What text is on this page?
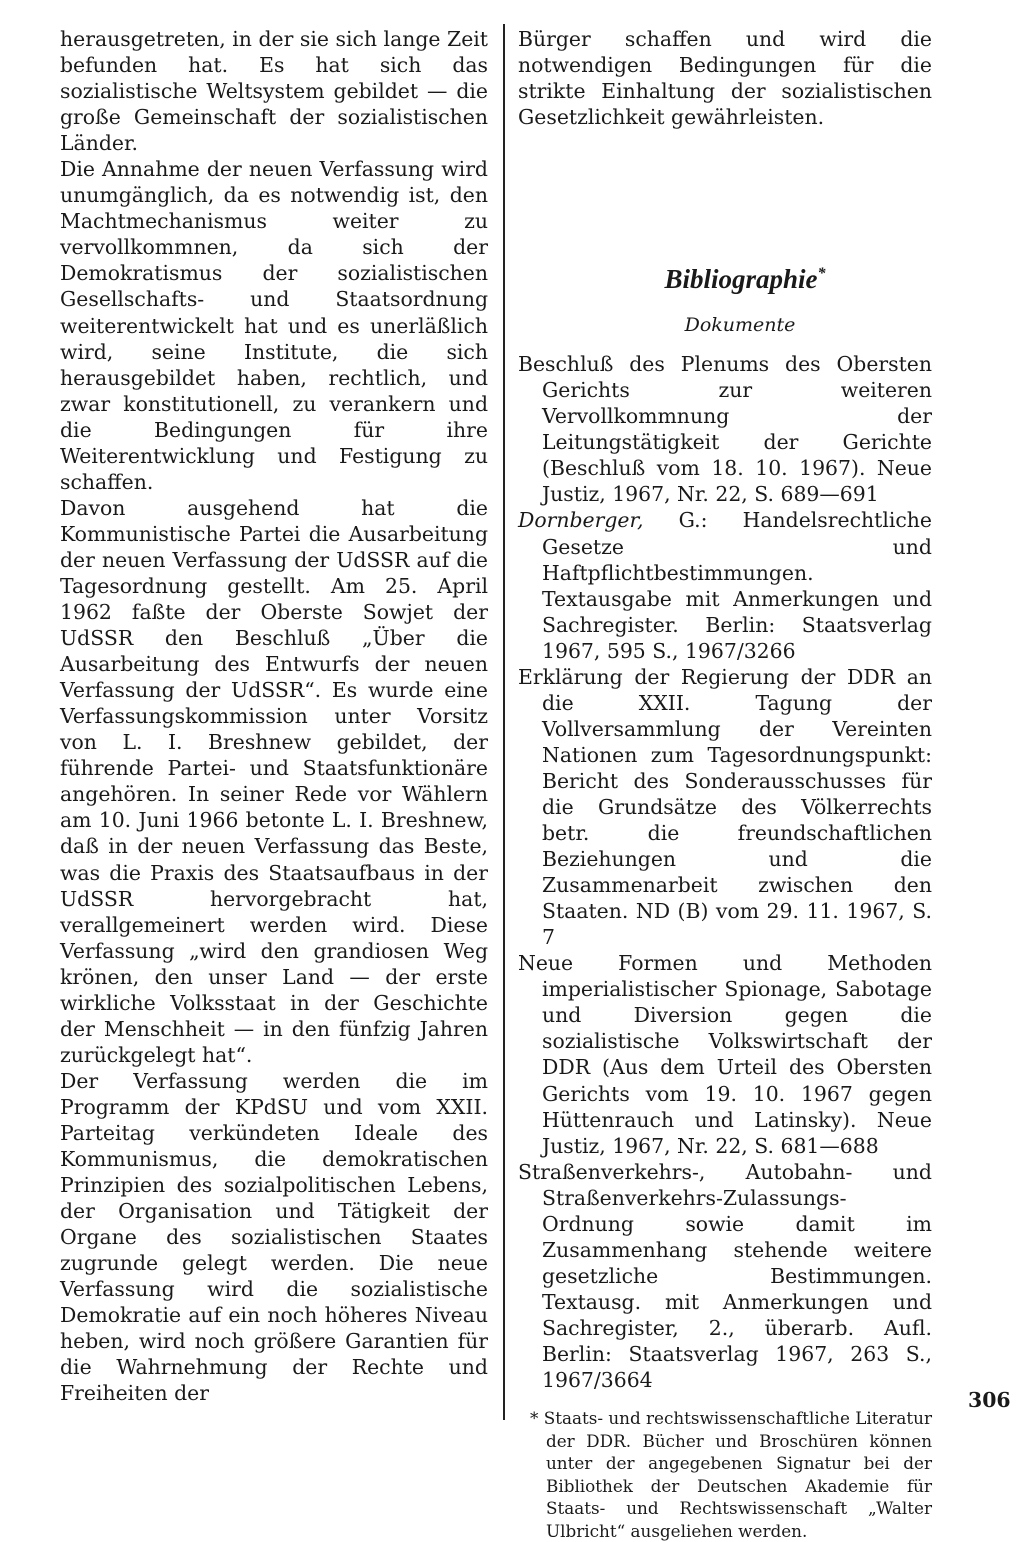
herausgetreten, in der sie sich lange Zeit befunden hat. Es hat sich das sozialistische Weltsystem gebildet — die große Gemeinschaft der sozialistischen Länder.

Die Annahme der neuen Verfassung wird unumgänglich, da es notwendig ist, den Machtmechanismus weiter zu vervollkommnen, da sich der Demokratismus der sozialistischen Gesellschafts- und Staatsordnung weiterentwickelt hat und es unerläßlich wird, seine Institute, die sich herausgebildet haben, rechtlich, und zwar konstitutionell, zu verankern und die Bedingungen für ihre Weiterentwicklung und Festigung zu schaffen.

Davon ausgehend hat die Kommunistische Partei die Ausarbeitung der neuen Verfassung der UdSSR auf die Tagesordnung gestellt. Am 25. April 1962 faßte der Oberste Sowjet der UdSSR den Beschluß „Über die Ausarbeitung des Entwurfs der neuen Verfassung der UdSSR“. Es wurde eine Verfassungskommission unter Vorsitz von L. I. Breshnew gebildet, der führende Partei- und Staatsfunktionäre angehören. In seiner Rede vor Wählern am 10. Juni 1966 betonte L. I. Breshnew, daß in der neuen Verfassung das Beste, was die Praxis des Staatsaufbaus in der UdSSR hervorgebracht hat, verallgemeinert werden wird. Diese Verfassung „wird den grandiosen Weg krönen, den unser Land — der erste wirkliche Volksstaat in der Geschichte der Menschheit — in den fünfzig Jahren zurückgelegt hat“.

Der Verfassung werden die im Programm der KPdSU und vom XXII. Parteitag verkündeten Ideale des Kommunismus, die demokratischen Prinzipien des sozialpolitischen Lebens, der Organisation und Tätigkeit der Organe des sozialistischen Staates zugrunde gelegt werden. Die neue Verfassung wird die sozialistische Demokratie auf ein noch höheres Niveau heben, wird noch größere Garantien für die Wahrnehmung der Rechte und Freiheiten der

Bürger schaffen und wird die notwendigen Bedingungen für die strikte Einhaltung der sozialistischen Gesetzlichkeit gewährleisten.

Bibliographie*
Dokumente

Beschluß des Plenums des Obersten Gerichts zur weiteren Vervollkommnung der Leitungstätigkeit der Gerichte (Beschluß vom 18. 10. 1967). Neue Justiz, 1967, Nr. 22, S. 689—691

Dornberger, G.: Handelsrechtliche Gesetze und Haftpflichtbestimmungen. Textausgabe mit Anmerkungen und Sachregister. Berlin: Staatsverlag 1967, 595 S., 1967/3266

Erklärung der Regierung der DDR an die XXII. Tagung der Vollversammlung der Vereinten Nationen zum Tagesordnungspunkt: Bericht des Sonderausschusses für die Grundsätze des Völkerrechts betr. die freundschaftlichen Beziehungen und die Zusammenarbeit zwischen den Staaten. ND (B) vom 29. 11. 1967, S. 7

Neue Formen und Methoden imperialistischer Spionage, Sabotage und Diversion gegen die sozialistische Volkswirtschaft der DDR (Aus dem Urteil des Obersten Gerichts vom 19. 10. 1967 gegen Hüttenrauch und Latinsky). Neue Justiz, 1967, Nr. 22, S. 681—688

Straßenverkehrs-, Autobahn- und Straßenverkehrs-Zulassungs-Ordnung sowie damit im Zusammenhang stehende weitere gesetzliche Bestimmungen. Textausg. mit Anmerkungen und Sachregister, 2., überarb. Aufl. Berlin: Staatsverlag 1967, 263 S., 1967/3664

* Staats- und rechtswissenschaftliche Literatur der DDR. Bücher und Broschüren können unter der angegebenen Signatur bei der Bibliothek der Deutschen Akademie für Staats- und Rechtswissenschaft „Walter Ulbricht“ ausgeliehen werden.

306
